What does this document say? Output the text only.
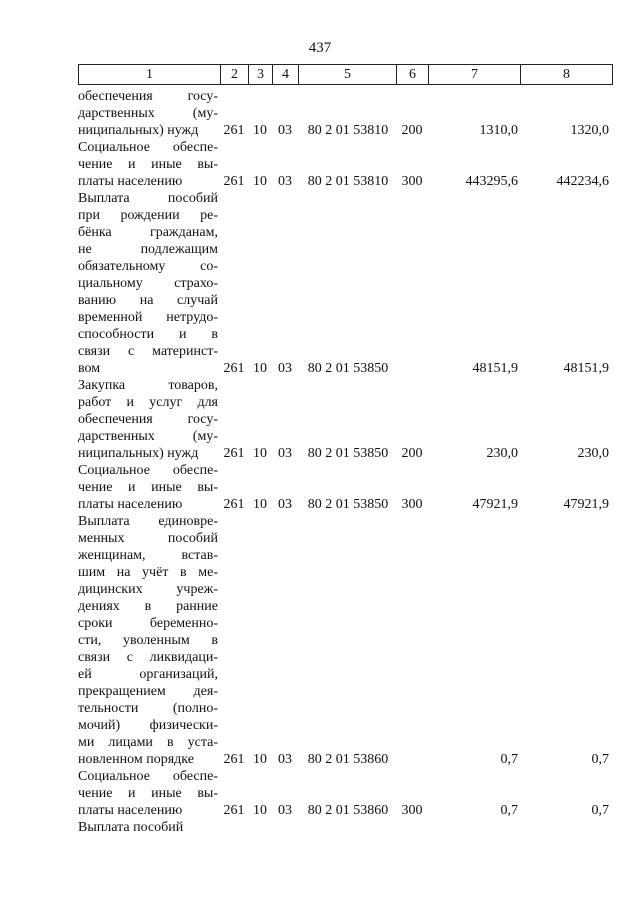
437
1	2	3	4	5	6	7	8
обеспечения госу-
дарственных (му-
ниципальных) нужд	261 10 03	80 2 01 53810 200	1310,0	1320,0
Социальное обеспе-
чение и иные вы-
платы населению	261 10 03	80 2 01 53810 300	443295,6	442234,6
Выплата пособий
при рождении ре-
бёнка гражданам,
не подлежащим
обязательному со-
циальному страхо-
ванию на случай
временной нетрудо-
способности и в
связи с материнст-
вом	261 10 03	80 2 01 53850	48151,9	48151,9
Закупка товаров,
работ и услуг для
обеспечения госу-
дарственных (му-
ниципальных) нужд	261 10 03	80 2 01 53850 200	230,0	230,0
Социальное обеспе-
чение и иные вы-
платы населению	261 10 03	80 2 01 53850 300	47921,9	47921,9
Выплата единовре-
менных пособий
женщинам, встав-
шим на учёт в ме-
дицинских учреж-
дениях в ранние
сроки беременно-
сти, уволенным в
связи с ликвидаци-
ей организаций,
прекращением дея-
тельности (полно-
мочий) физически-
ми лицами в уста-
новленном порядке	261 10 03	80 2 01 53860	0,7	0,7
Социальное обеспе-
чение и иные вы-
платы населению	261 10 03	80 2 01 53860 300	0,7	0,7
Выплата пособий
